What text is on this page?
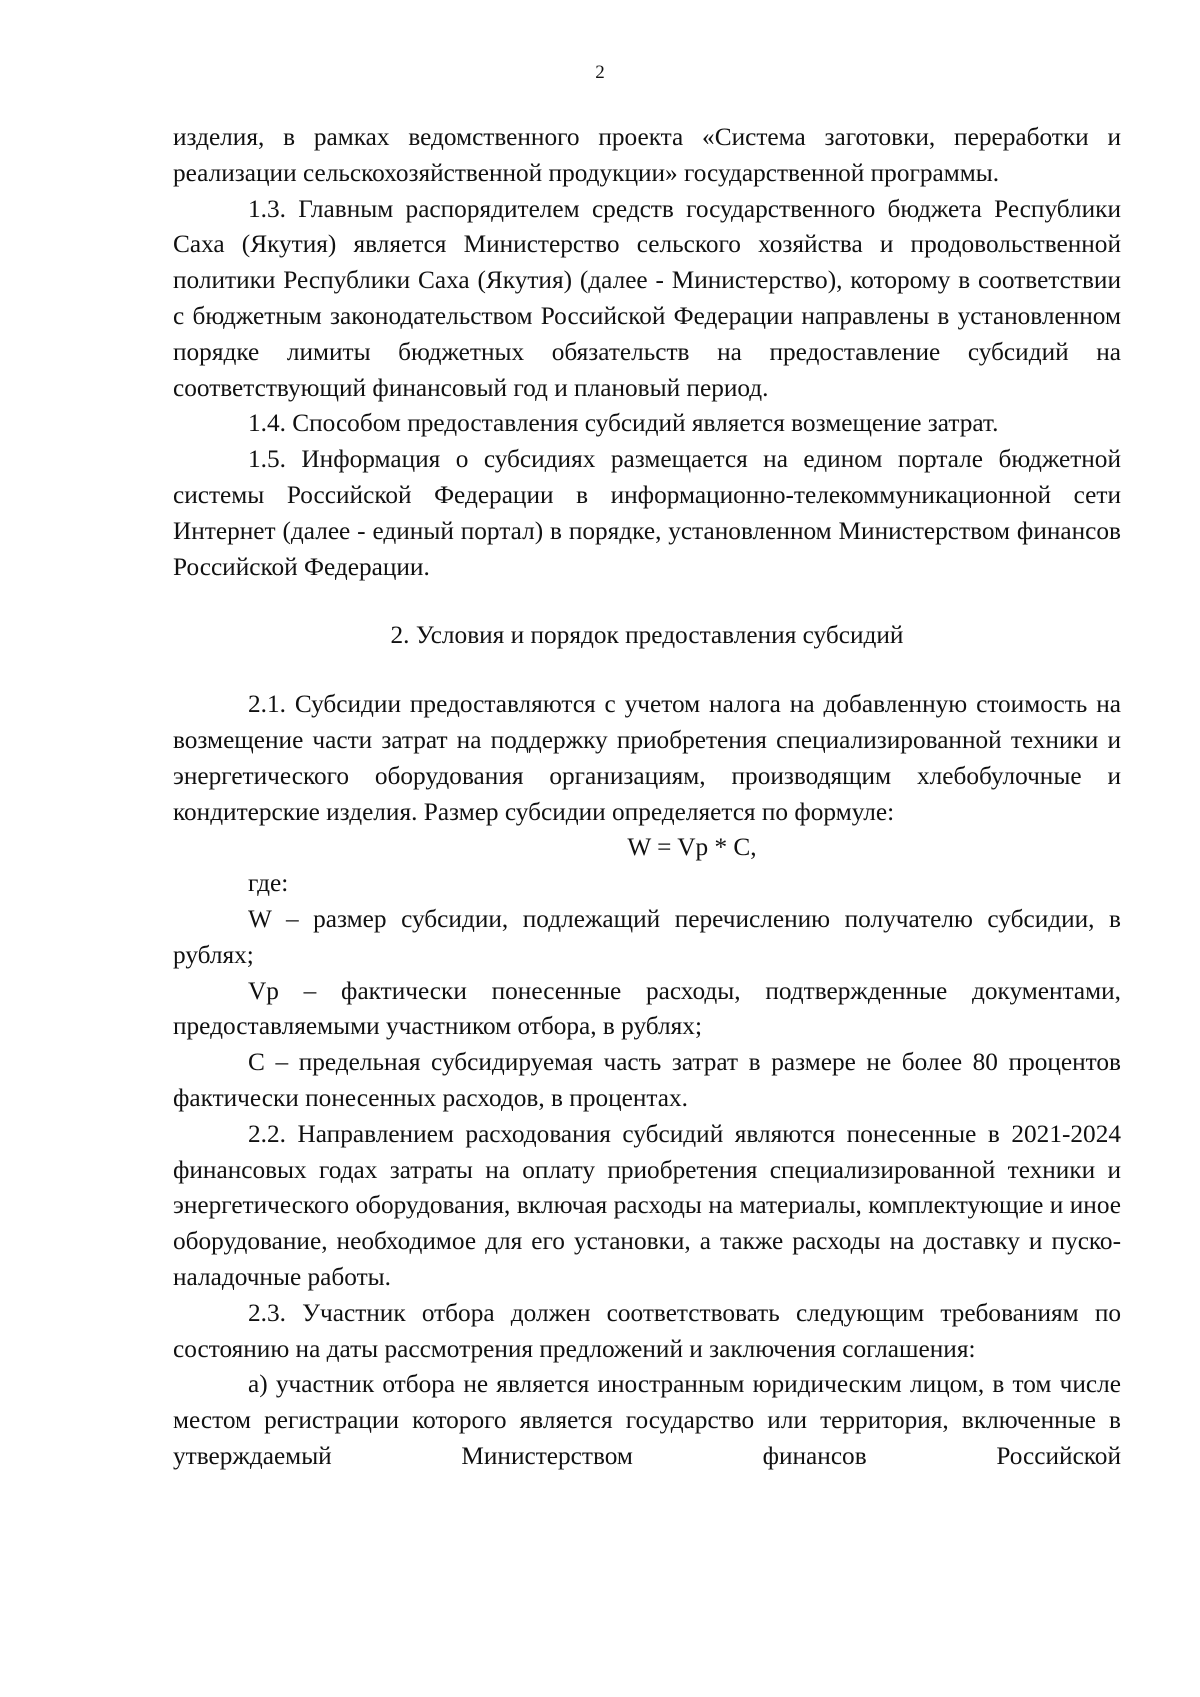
2

изделия, в рамках ведомственного проекта «Система заготовки, переработки и реализации сельскохозяйственной продукции» государственной программы.

1.3. Главным распорядителем средств государственного бюджета Республики Саха (Якутия) является Министерство сельского хозяйства и продовольственной политики Республики Саха (Якутия) (далее - Министерство), которому в соответствии с бюджетным законодательством Российской Федерации направлены в установленном порядке лимиты бюджетных обязательств на предоставление субсидий на соответствующий финансовый год и плановый период.

1.4. Способом предоставления субсидий является возмещение затрат.

1.5. Информация о субсидиях размещается на едином портале бюджетной системы Российской Федерации в информационно-телекоммуникационной сети Интернет (далее - единый портал) в порядке, установленном Министерством финансов Российской Федерации.

2. Условия и порядок предоставления субсидий

2.1. Субсидии предоставляются с учетом налога на добавленную стоимость на возмещение части затрат на поддержку приобретения специализированной техники и энергетического оборудования организациям, производящим хлебобулочные и кондитерские изделия. Размер субсидии определяется по формуле:

W = Vp * C,

где:

W – размер субсидии, подлежащий перечислению получателю субсидии, в рублях;

Vp – фактически понесенные расходы, подтвержденные документами, предоставляемыми участником отбора, в рублях;

C – предельная субсидируемая часть затрат в размере не более 80 процентов фактически понесенных расходов, в процентах.

2.2. Направлением расходования субсидий являются понесенные в 2021-2024 финансовых годах затраты на оплату приобретения специализированной техники и энергетического оборудования, включая расходы на материалы, комплектующие и иное оборудование, необходимое для его установки, а также расходы на доставку и пуско-наладочные работы.

2.3. Участник отбора должен соответствовать следующим требованиям по состоянию на даты рассмотрения предложений и заключения соглашения:

а) участник отбора не является иностранным юридическим лицом, в том числе местом регистрации которого является государство или территория, включенные в утверждаемый Министерством финансов Российской
